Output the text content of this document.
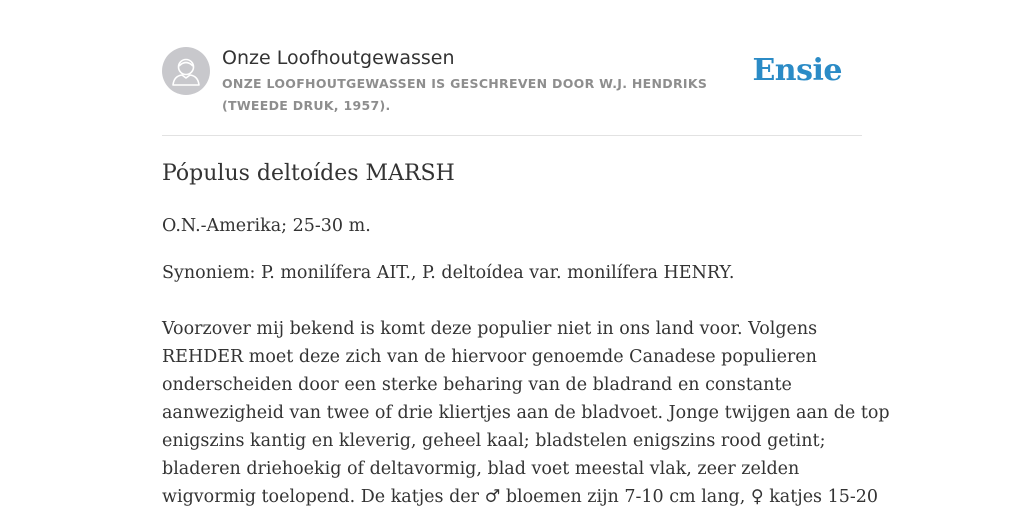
Onze Loofhoutgewassen
ONZE LOOFHOUTGEWASSEN IS GESCHREVEN DOOR W.J. HENDRIKS (TWEEDE DRUK, 1957).
Ensie
Pópulus deltoídes MARSH
O.N.-Amerika; 25-30 m.
Synoniem: P. monilífera AIT., P. deltoídea var. monilífera HENRY.
Voorzover mij bekend is komt deze populier niet in ons land voor. Volgens
REHDER moet deze zich van de hiervoor genoemde Canadese populieren
onderscheiden door een sterke beharing van de bladrand en constante
aanwezigheid van twee of drie kliertjes aan de bladvoet. Jonge twijgen aan de top
enigszins kantig en kleverig, geheel kaal; bladstelen enigszins rood getint;
bladeren driehoekig of deltavormig, blad voet meestal vlak, zeer zelden
wigvormig toelopend. De katjes der ♂ bloemen zijn 7-10 cm lang, ♀ katjes 15-20
